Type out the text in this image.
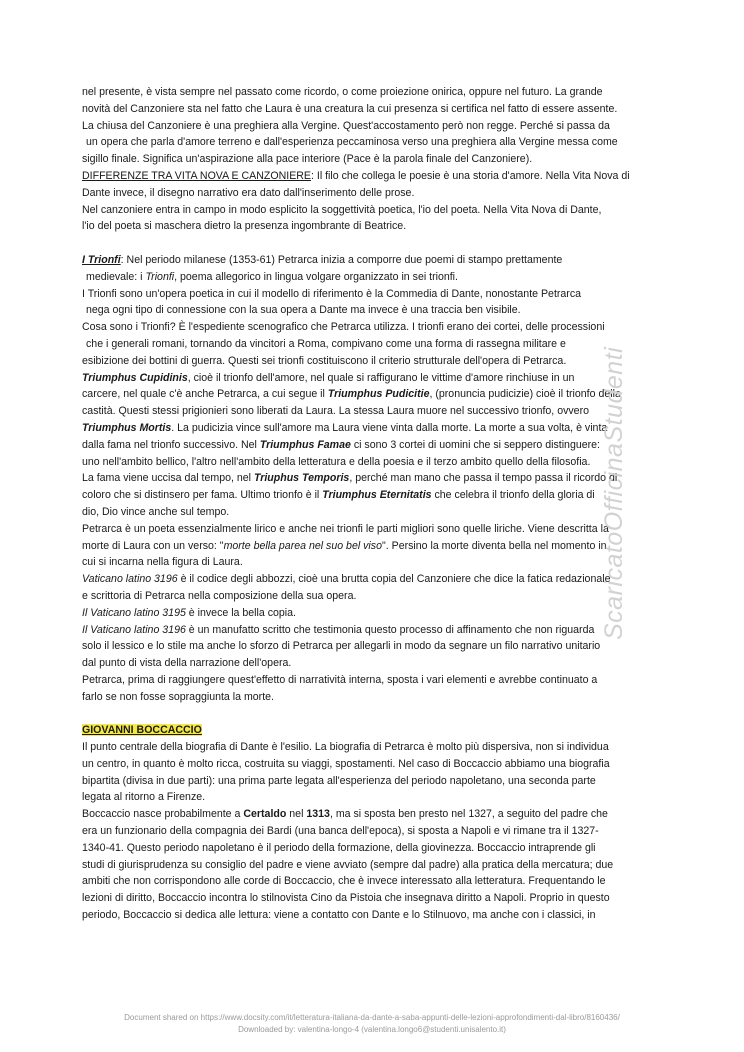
nel presente, è vista sempre nel passato come ricordo, o come proiezione onirica, oppure nel futuro. La grande
novità del Canzoniere sta nel fatto che Laura è una creatura la cui presenza si certifica nel fatto di essere assente.
La chiusa del Canzoniere è una preghiera alla Vergine. Quest'accostamento però non regge. Perché si passa da
un opera che parla d'amore terreno e dall'esperienza peccaminosa verso una preghiera alla Vergine messa come
sigillo finale. Significa un'aspirazione alla pace interiore (Pace è la parola finale del Canzoniere).
DIFFERENZE TRA VITA NOVA E CANZONIERE: Il filo che collega le poesie è una storia d'amore. Nella Vita Nova di
Dante invece, il disegno narrativo era dato dall'inserimento delle prose.
Nel canzoniere entra in campo in modo esplicito la soggettività poetica, l'io del poeta. Nella Vita Nova di Dante,
l'io del poeta si maschera dietro la presenza ingombrante di Beatrice.
I Trionfi: Nel periodo milanese (1353-61) Petrarca inizia a comporre due poemi di stampo prettamente
medievale: i Trionfi, poema allegorico in lingua volgare organizzato in sei trionfi.
I Trionfi sono un'opera poetica in cui il modello di riferimento è la Commedia di Dante, nonostante Petrarca
nega ogni tipo di connessione con la sua opera a Dante ma invece è una traccia ben visibile.
Cosa sono i Trionfi? È l'espediente scenografico che Petrarca utilizza. I trionfi erano dei cortei, delle processioni
che i generali romani, tornando da vincitori a Roma, compivano come una forma di rassegna militare e
esibizione dei bottini di guerra. Questi sei trionfi costituiscono il criterio strutturale dell'opera di Petrarca.
Triumphus Cupidinis, cioè il trionfo dell'amore, nel quale si raffigurano le vittime d'amore rinchiuse in un
carcere, nel quale c'è anche Petrarca, a cui segue il Triumphus Pudicitie, (pronuncia pudicizie) cioè il trionfo della
castità. Questi stessi prigionieri sono liberati da Laura. La stessa Laura muore nel successivo trionfo, ovvero
Triumphus Mortis. La pudicizia vince sull'amore ma Laura viene vinta dalla morte. La morte a sua volta, è vinta
dalla fama nel trionfo successivo. Nel Triumphus Famae ci sono 3 cortei di uomini che si seppero distinguere:
uno nell'ambito bellico, l'altro nell'ambito della letteratura e della poesia e il terzo ambito quello della filosofia.
La fama viene uccisa dal tempo, nel Triuphus Temporis, perché man mano che passa il tempo passa il ricordo di
coloro che si distinsero per fama. Ultimo trionfo è il Triumphus Eternitatis che celebra il trionfo della gloria di
dio, Dio vince anche sul tempo.
Petrarca è un poeta essenzialmente lirico e anche nei trionfi le parti migliori sono quelle liriche. Viene descritta la
morte di Laura con un verso: "morte bella parea nel suo bel viso". Persino la morte diventa bella nel momento in
cui si incarna nella figura di Laura.
Vaticano latino 3196 è il codice degli abbozzi, cioè una brutta copia del Canzoniere che dice la fatica redazionale
e scrittoria di Petrarca nella composizione della sua opera.
Il Vaticano latino 3195 è invece la bella copia.
Il Vaticano latino 3196 è un manufatto scritto che testimonia questo processo di affinamento che non riguarda
solo il lessico e lo stile ma anche lo sforzo di Petrarca per allegarli in modo da segnare un filo narrativo unitario
dal punto di vista della narrazione dell'opera.
Petrarca, prima di raggiungere quest'effetto di narratività interna, sposta i vari elementi e avrebbe continuato a
farlo se non fosse sopraggiunta la morte.
GIOVANNI BOCCACCIO
Il punto centrale della biografia di Dante è l'esilio. La biografia di Petrarca è molto più dispersiva, non si individua
un centro, in quanto è molto ricca, costruita su viaggi, spostamenti. Nel caso di Boccaccio abbiamo una biografia
bipartita (divisa in due parti): una prima parte legata all'esperienza del periodo napoletano, una seconda parte
legata al ritorno a Firenze.
Boccaccio nasce probabilmente a Certaldo nel 1313, ma si sposta ben presto nel 1327, a seguito del padre che
era un funzionario della compagnia dei Bardi (una banca dell'epoca), si sposta a Napoli e vi rimane tra il 1327-
1340-41. Questo periodo napoletano è il periodo della formazione, della giovinezza. Boccaccio intraprende gli
studi di giurisprudenza su consiglio del padre e viene avviato (sempre dal padre) alla pratica della mercatura; due
ambiti che non corrispondono alle corde di Boccaccio, che è invece interessato alla letteratura. Frequentando le
lezioni di diritto, Boccaccio incontra lo stilnovista Cino da Pistoia che insegnava diritto a Napoli. Proprio in questo
periodo, Boccaccio si dedica alle lettura: viene a contatto con Dante e lo Stilnuovo, ma anche con i classici, in
ScaricatoOfficinaStudenti
Document shared on https://www.docsity.com/it/letteratura-italiana-da-dante-a-saba-appunti-delle-lezioni-approfondimenti-dal-libro/8160436/
Downloaded by: valentina-longo-4 (valentina.longo6@studenti.unisalento.it)
